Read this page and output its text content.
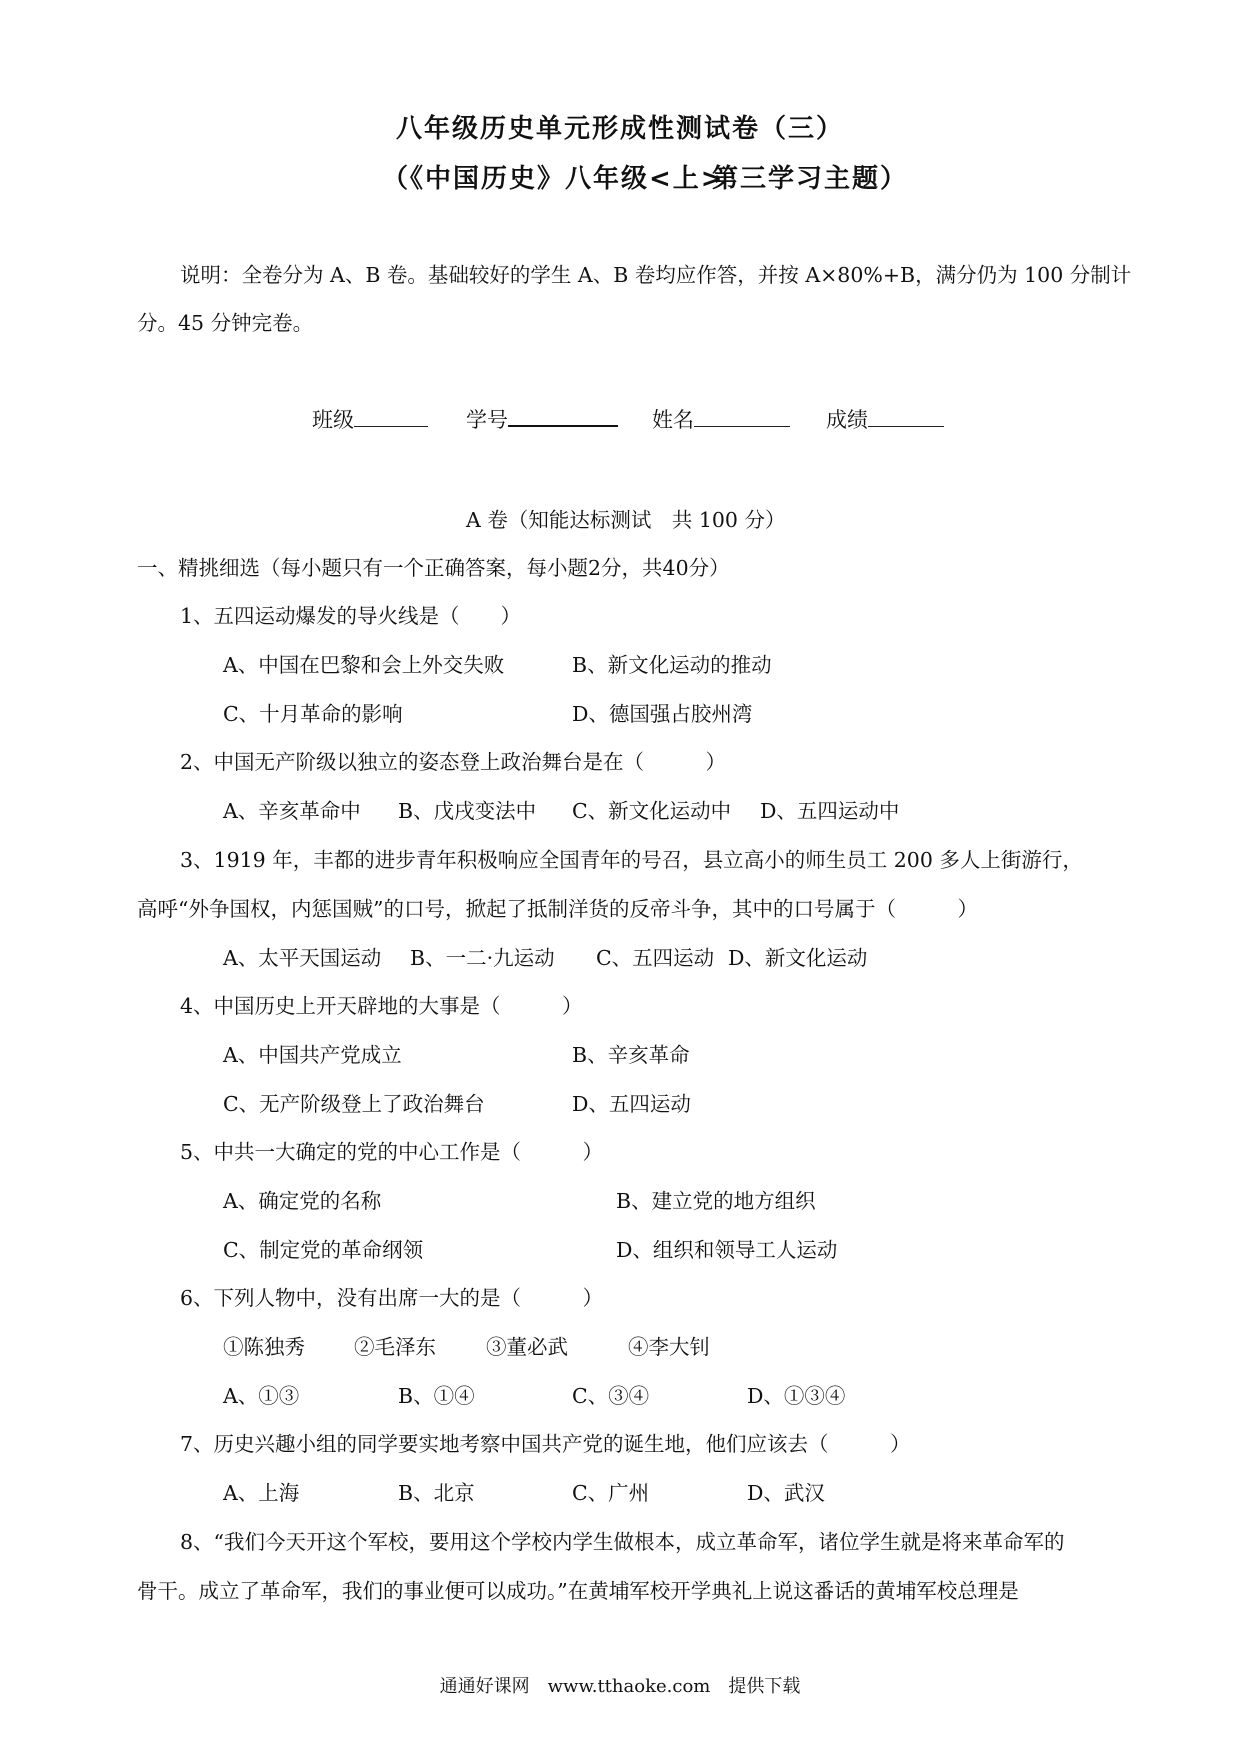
八年级历史单元形成性测试卷（三）
（《中国历史》八年级<上>
第三学习主题）
说明：全卷分为 A、B 卷。基础较好的学生 A、B 卷均应作答，并按 A×80%+B，满分仍为 100 分制计
分。45 分钟完卷。
班级	学号	姓名	成绩
A 卷（知能达标测试　共 100 分）
一、精挑细选（每小题只有一个正确答案，每小题2分，共40分）
1、五四运动爆发的导火线是（　　）
A、中国在巴黎和会上外交失败	B、新文化运动的推动
C、十月革命的影响	D、德国强占胶州湾
2、中国无产阶级以独立的姿态登上政治舞台是在（　　　）
A、辛亥革命中 B、戊戌变法中 C、新文化运动中 D、五四运动中
3、1919 年，丰都的进步青年积极响应全国青年的号召，县立高小的师生员工 200 多人上街游行，
高呼“外争国权，内惩国贼”的口号，掀起了抵制洋货的反帝斗争，其中的口号属于（　　　）
A、太平天国运动 B、一二·九运动 C、五四运动 D、新文化运动
4、中国历史上开天辟地的大事是（　　　）
A、中国共产党成立	B、辛亥革命
C、无产阶级登上了政治舞台	D、五四运动
5、中共一大确定的党的中心工作是（　　　）
A、确定党的名称	B、建立党的地方组织
C、制定党的革命纲领	D、组织和领导工人运动
6、下列人物中，没有出席一大的是（　　　）
①陈独秀 ②毛泽东 ③董必武	④李大钊
A、①③	B、①④	C、③④	D、①③④
7、历史兴趣小组的同学要实地考察中国共产党的诞生地，他们应该去（　　　）
A、上海	B、北京	C、广州	D、武汉
8、“我们今天开这个军校，要用这个学校内学生做根本，成立革命军，诸位学生就是将来革命军的
骨干。成立了革命军，我们的事业便可以成功。”在黄埔军校开学典礼上说这番话的黄埔军校总理是
通通好课网　www.tthaoke.com　提供下载
